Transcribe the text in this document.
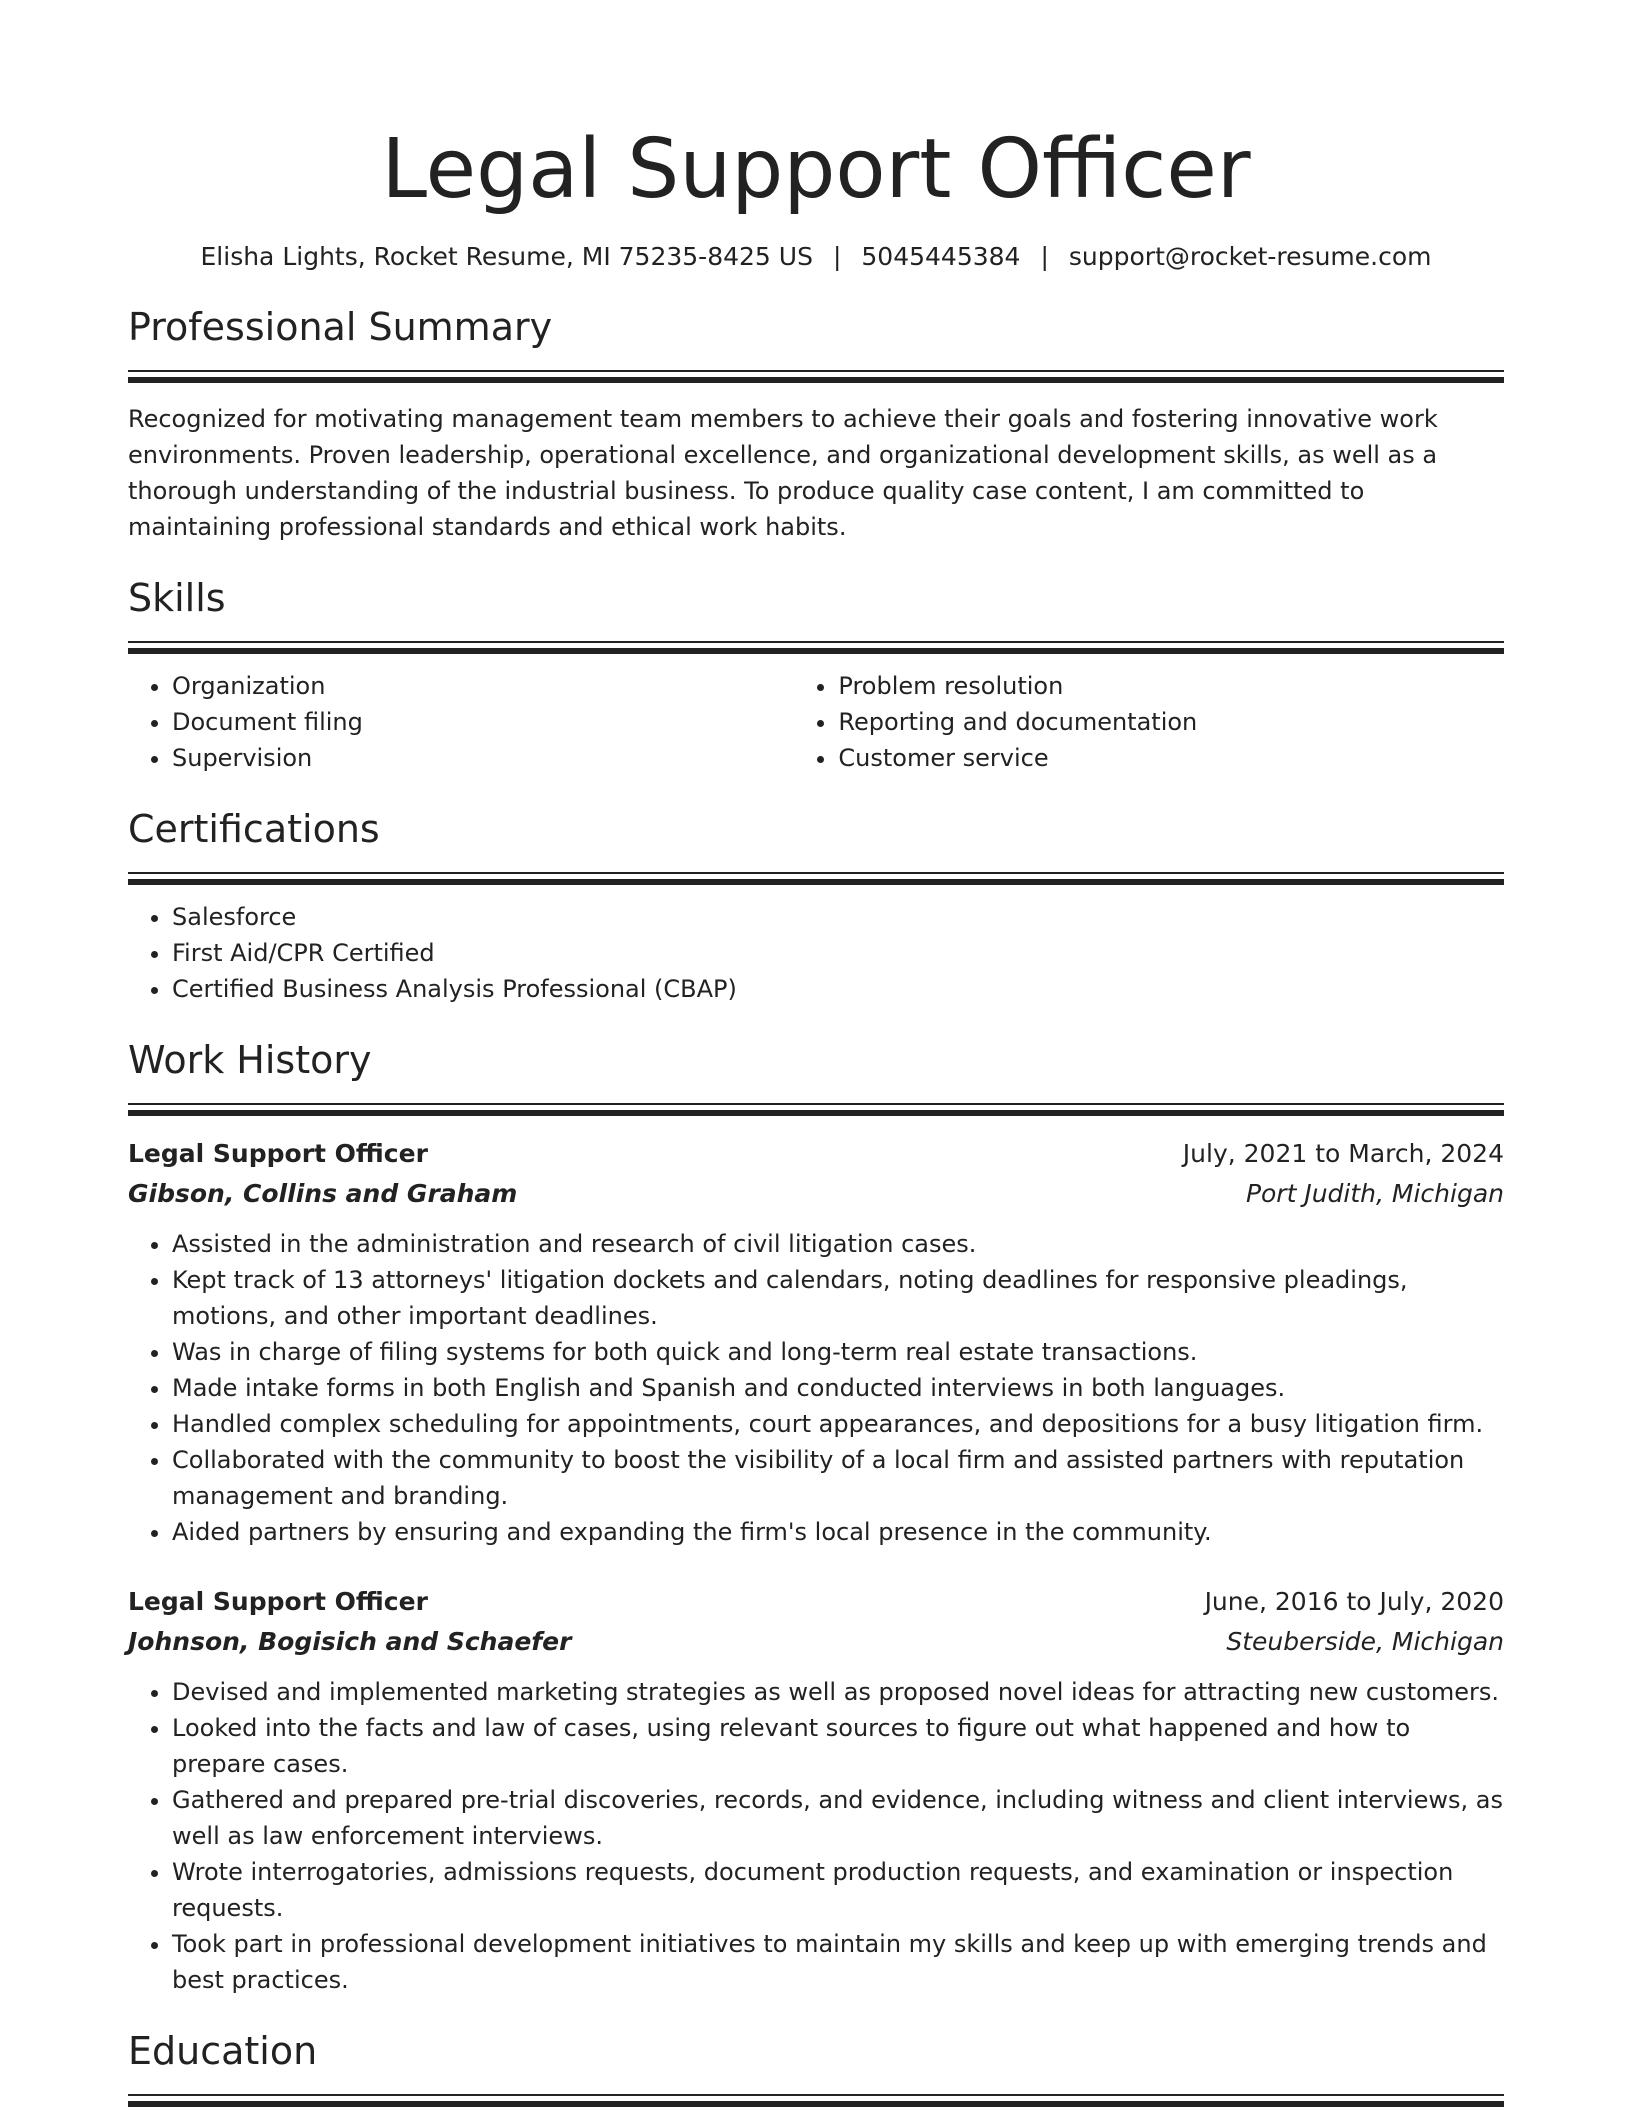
Legal Support Officer
Elisha Lights, Rocket Resume, MI 75235-8425 US | 5045445384 | support@rocket-resume.com
Professional Summary
Recognized for motivating management team members to achieve their goals and fostering innovative work environments. Proven leadership, operational excellence, and organizational development skills, as well as a thorough understanding of the industrial business. To produce quality case content, I am committed to maintaining professional standards and ethical work habits.
Skills
• Organization
• Document filing
• Supervision
• Problem resolution
• Reporting and documentation
• Customer service
Certifications
• Salesforce
• First Aid/CPR Certified
• Certified Business Analysis Professional (CBAP)
Work History
Legal Support Officer	July, 2021 to March, 2024
Gibson, Collins and Graham	Port Judith, Michigan
• Assisted in the administration and research of civil litigation cases.
• Kept track of 13 attorneys' litigation dockets and calendars, noting deadlines for responsive pleadings, motions, and other important deadlines.
• Was in charge of filing systems for both quick and long-term real estate transactions.
• Made intake forms in both English and Spanish and conducted interviews in both languages.
• Handled complex scheduling for appointments, court appearances, and depositions for a busy litigation firm.
• Collaborated with the community to boost the visibility of a local firm and assisted partners with reputation management and branding.
• Aided partners by ensuring and expanding the firm's local presence in the community.
Legal Support Officer	June, 2016 to July, 2020
Johnson, Bogisich and Schaefer	Steuberside, Michigan
• Devised and implemented marketing strategies as well as proposed novel ideas for attracting new customers.
• Looked into the facts and law of cases, using relevant sources to figure out what happened and how to prepare cases.
• Gathered and prepared pre-trial discoveries, records, and evidence, including witness and client interviews, as well as law enforcement interviews.
• Wrote interrogatories, admissions requests, document production requests, and examination or inspection requests.
• Took part in professional development initiatives to maintain my skills and keep up with emerging trends and best practices.
Education
